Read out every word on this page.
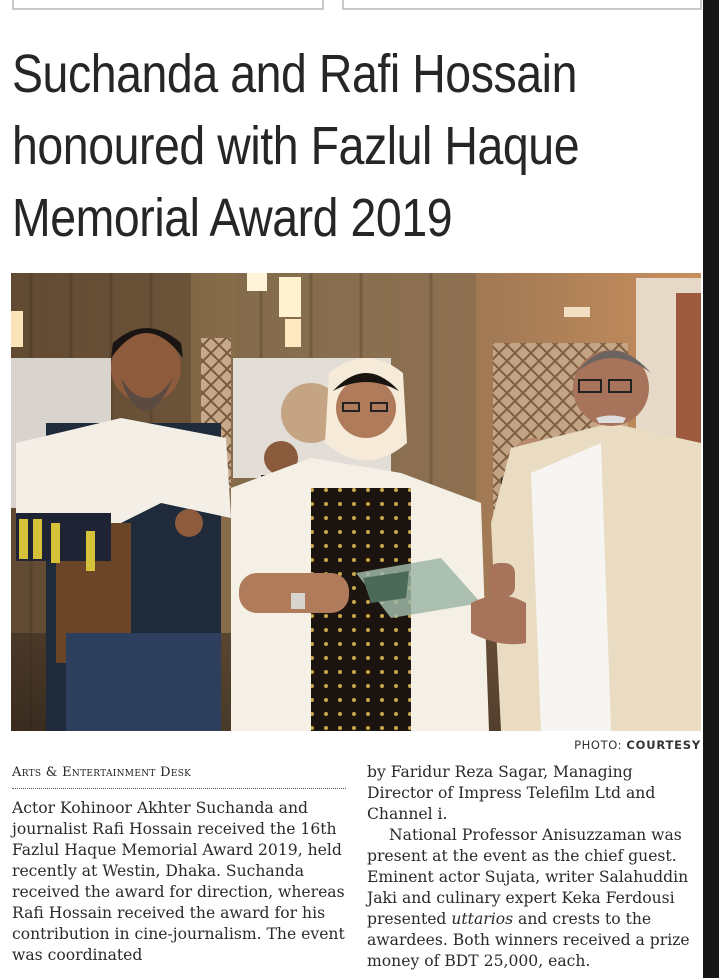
Suchanda and Rafi Hossain
honoured with Fazlul Haque
Memorial Award 2019
PHOTO: COURTESY
Arts & Entertainment Desk

Actor Kohinoor Akhter Suchanda and journalist Rafi Hossain received the 16th Fazlul Haque Memorial Award 2019, held recently at Westin, Dhaka. Suchanda received the award for direction, whereas Rafi Hossain received the award for his contribution in cine-journalism. The event was coordinated

by Faridur Reza Sagar, Managing Director of Impress Telefilm Ltd and Channel i.

National Professor Anisuzzaman was present at the event as the chief guest. Eminent actor Sujata, writer Salahuddin Jaki and culinary expert Keka Ferdousi presented uttarios and crests to the awardees. Both winners received a prize money of BDT 25,000, each.
